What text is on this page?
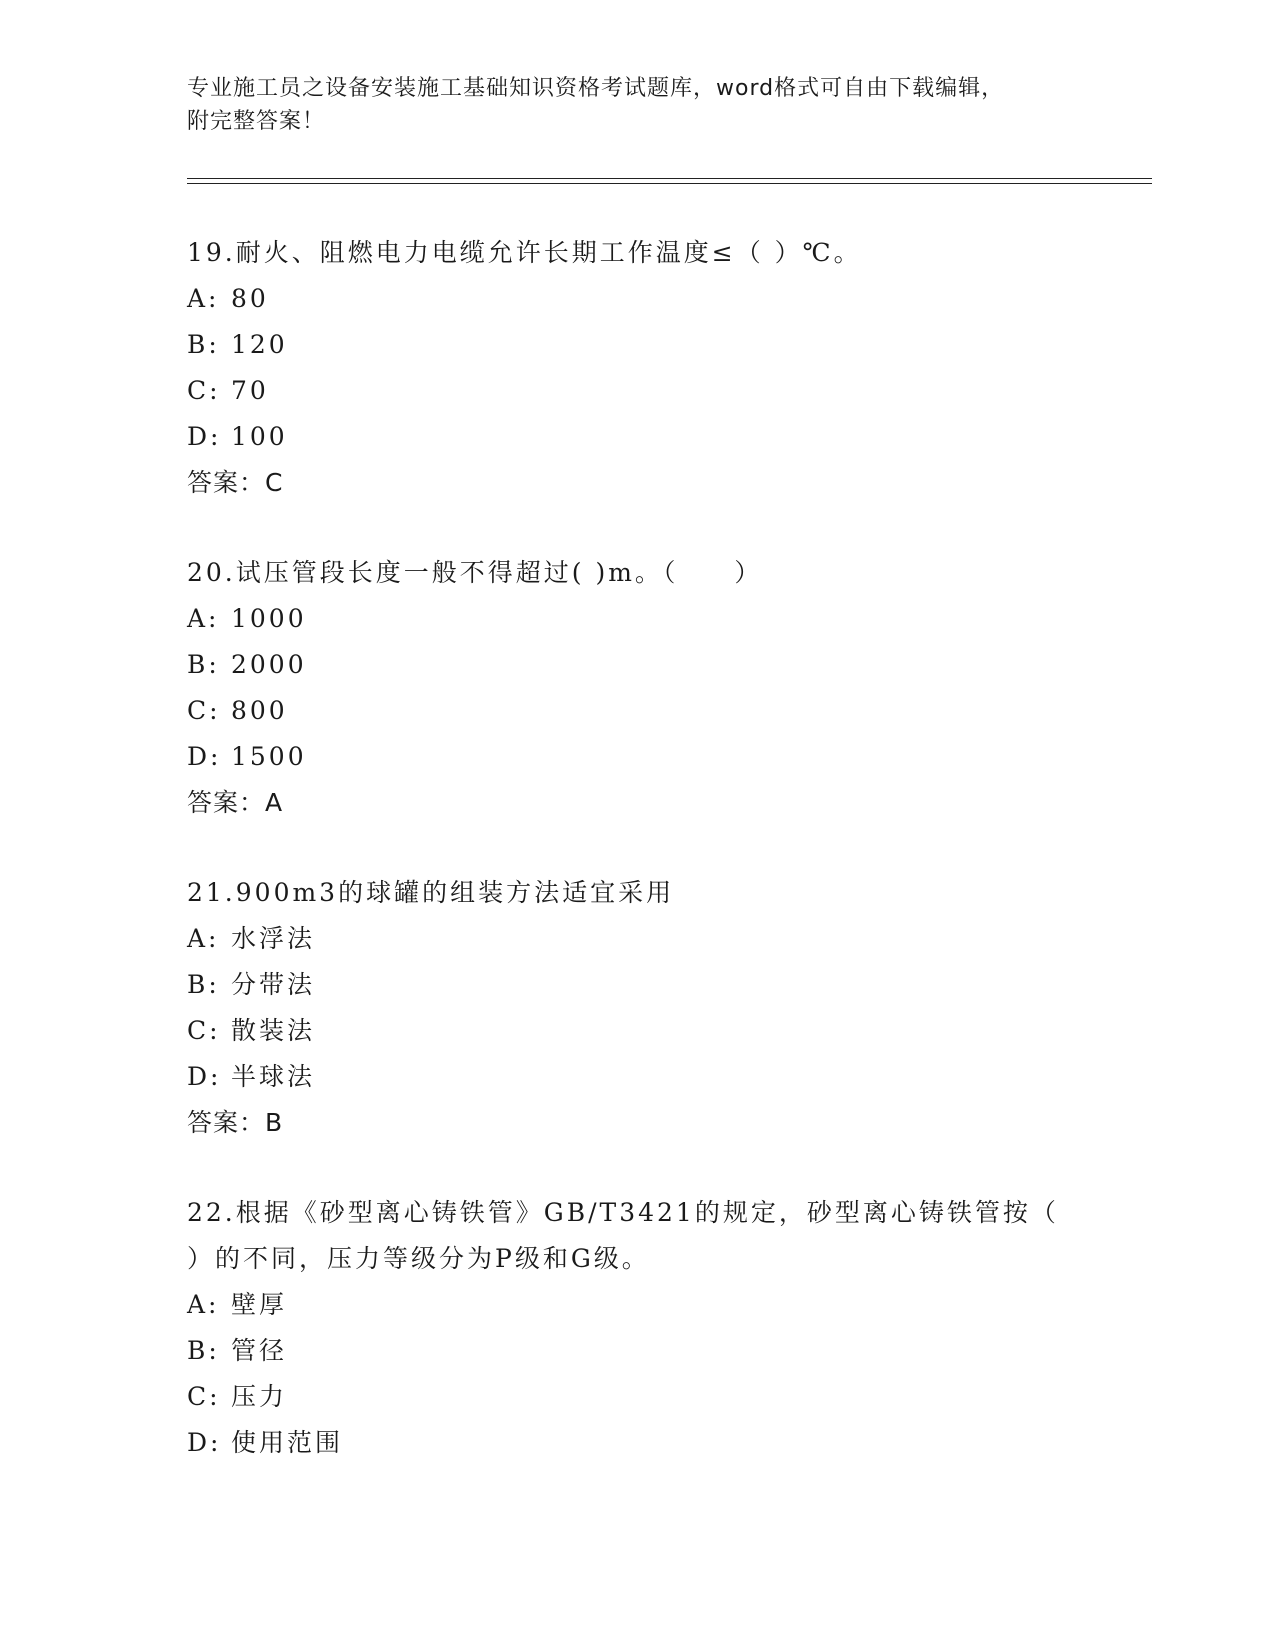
专业施工员之设备安装施工基础知识资格考试题库，word格式可自由下载编辑，
附完整答案！
19.耐火、阻燃电力电缆允许长期工作温度≤（ ）℃。
A: 80
B: 120
C: 70
D: 100
答案：C
20.试压管段长度一般不得超过( )m。（　　）
A: 1000
B: 2000
C: 800
D: 1500
答案：A
21.900m3的球罐的组装方法适宜采用
A: 水浮法
B: 分带法
C: 散装法
D: 半球法
答案：B
22.根据《砂型离心铸铁管》GB/T3421的规定，砂型离心铸铁管按（
）的不同，压力等级分为P级和G级。
A: 壁厚
B: 管径
C: 压力
D: 使用范围
